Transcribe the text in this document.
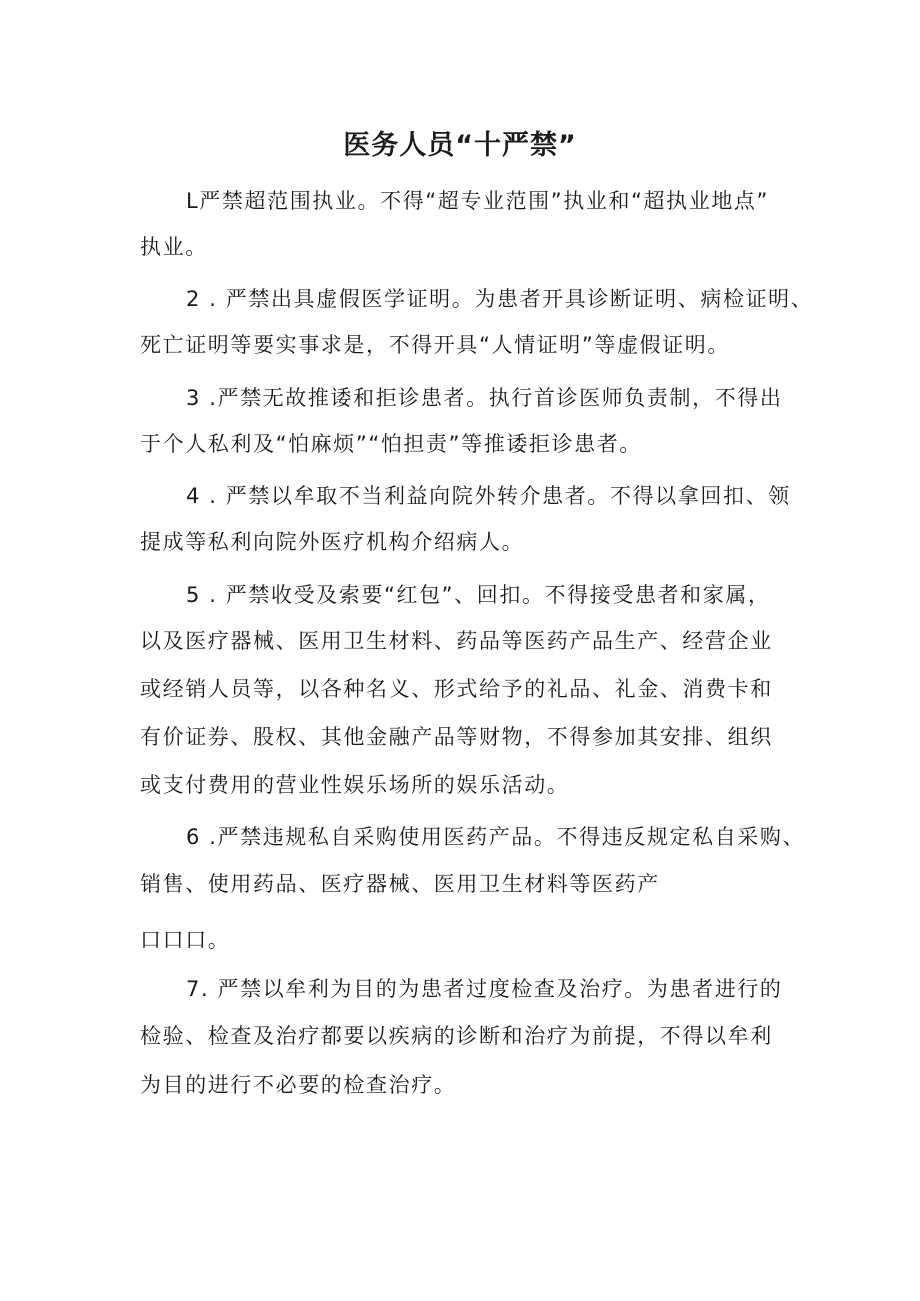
医务人员“十严禁”
L严禁超范围执业。不得“超专业范围”执业和“超执业地点”
执业。
2 . 严禁出具虚假医学证明。为患者开具诊断证明、病检证明、
死亡证明等要实事求是，不得开具“人情证明”等虚假证明。
3 .严禁无故推诿和拒诊患者。执行首诊医师负责制，不得出
于个人私利及“怕麻烦”“怕担责”等推诿拒诊患者。
4 . 严禁以牟取不当利益向院外转介患者。不得以拿回扣、领
提成等私利向院外医疗机构介绍病人。
5 . 严禁收受及索要“红包”、回扣。不得接受患者和家属，
以及医疗器械、医用卫生材料、药品等医药产品生产、经营企业
或经销人员等，以各种名义、形式给予的礼品、礼金、消费卡和
有价证券、股权、其他金融产品等财物，不得参加其安排、组织
或支付费用的营业性娱乐场所的娱乐活动。
6 .严禁违规私自采购使用医药产品。不得违反规定私自采购、
销售、使用药品、医疗器械、医用卫生材料等医药产
口口口。
7. 严禁以牟利为目的为患者过度检查及治疗。为患者进行的
检验、检查及治疗都要以疾病的诊断和治疗为前提，不得以牟利
为目的进行不必要的检查治疗。
